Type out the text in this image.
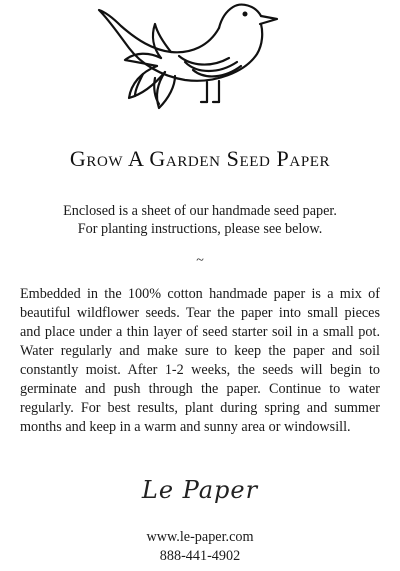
Grow A Garden Seed Paper
Enclosed is a sheet of our handmade seed paper.
For planting instructions, please see below.
~
Embedded in the 100% cotton handmade paper is a mix of beautiful wildflower seeds. Tear the paper into small pieces and place under a thin layer of seed starter soil in a small pot. Water regularly and make sure to keep the paper and soil constantly moist. After 1-2 weeks, the seeds will begin to germinate and push through the paper. Continue to water regularly. For best results, plant during spring and summer months and keep in a warm and sunny area or windowsill.
Le Paper
www.le-paper.com
888-441-4902
